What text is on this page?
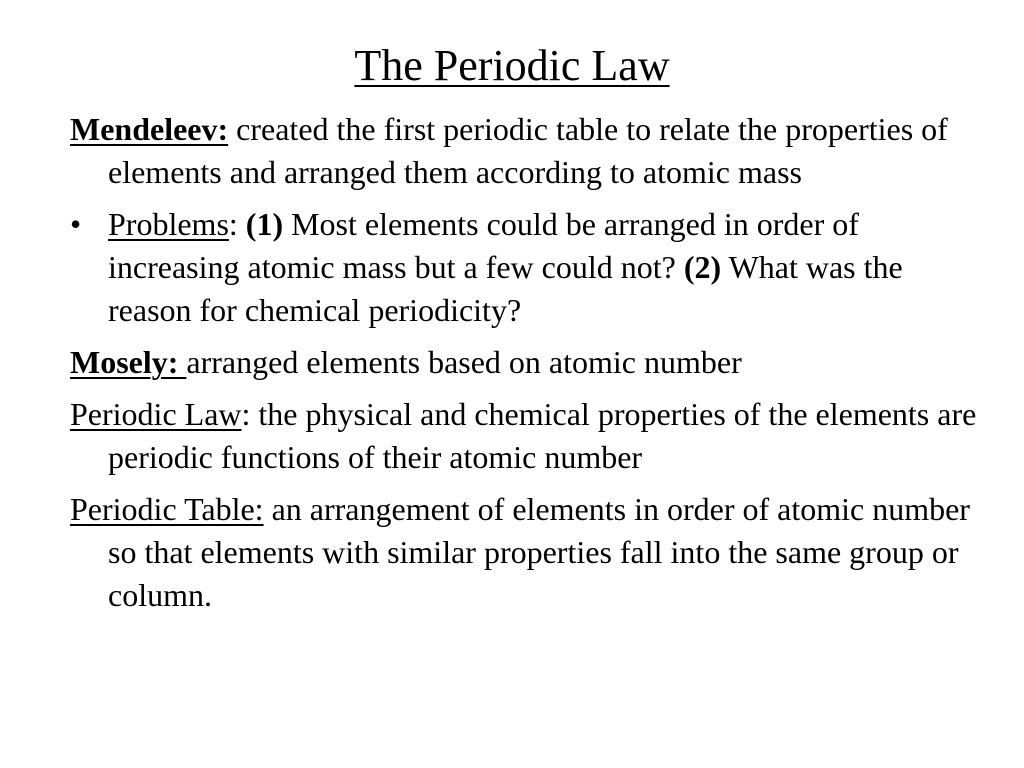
The Periodic Law

Mendeleev: created the first periodic table to relate the properties of elements and arranged them according to atomic mass

• Problems: (1) Most elements could be arranged in order of increasing atomic mass but a few could not? (2) What was the reason for chemical periodicity?

Mosely: arranged elements based on atomic number

Periodic Law: the physical and chemical properties of the elements are periodic functions of their atomic number

Periodic Table: an arrangement of elements in order of atomic number so that elements with similar properties fall into the same group or column.
